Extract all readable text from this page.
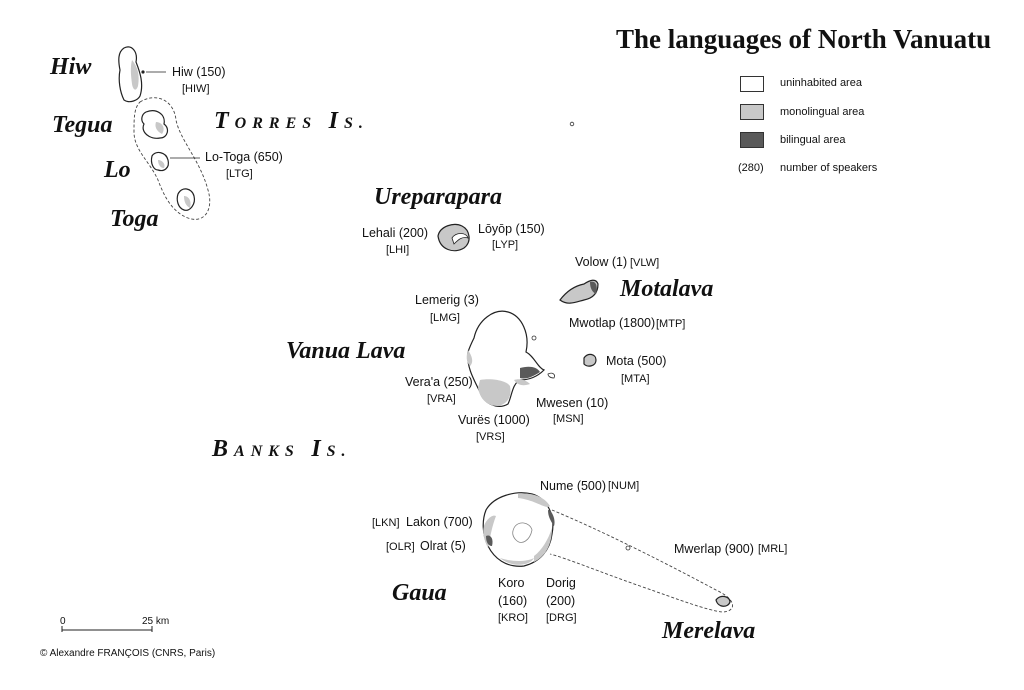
The languages of North Vanuatu
uninhabited area
monolingual area
bilingual area
(280) number of speakers
Hiw
Tegua
Lo
Toga
Ureparapara
Motalava
Vanua Lava
Gaua
Merelava
TORRES IS.
BANKS IS.
Hiw (150)
[HIW]
Lo-Toga (650)
[LTG]
Lehali (200)
[LHI]
Lōyōp (150)
[LYP]
Volow (1) [VLW]
Mwotlap (1800) [MTP]
Lemerig (3)
[LMG]
Mota (500)
[MTA]
Vera'a (250)
[VRA]	Mwesen (10)
[MSN]
Vurës (1000)
[VRS]
Nume (500) [NUM]
[LKN] Lakon (700)
[OLR] Olrat (5)	Mwerlap (900) [MRL]
Koro
(160)
[KRO]
Dorig
(200)
[DRG]
0	25 km
© Alexandre FRANÇOIS (CNRS, Paris)
